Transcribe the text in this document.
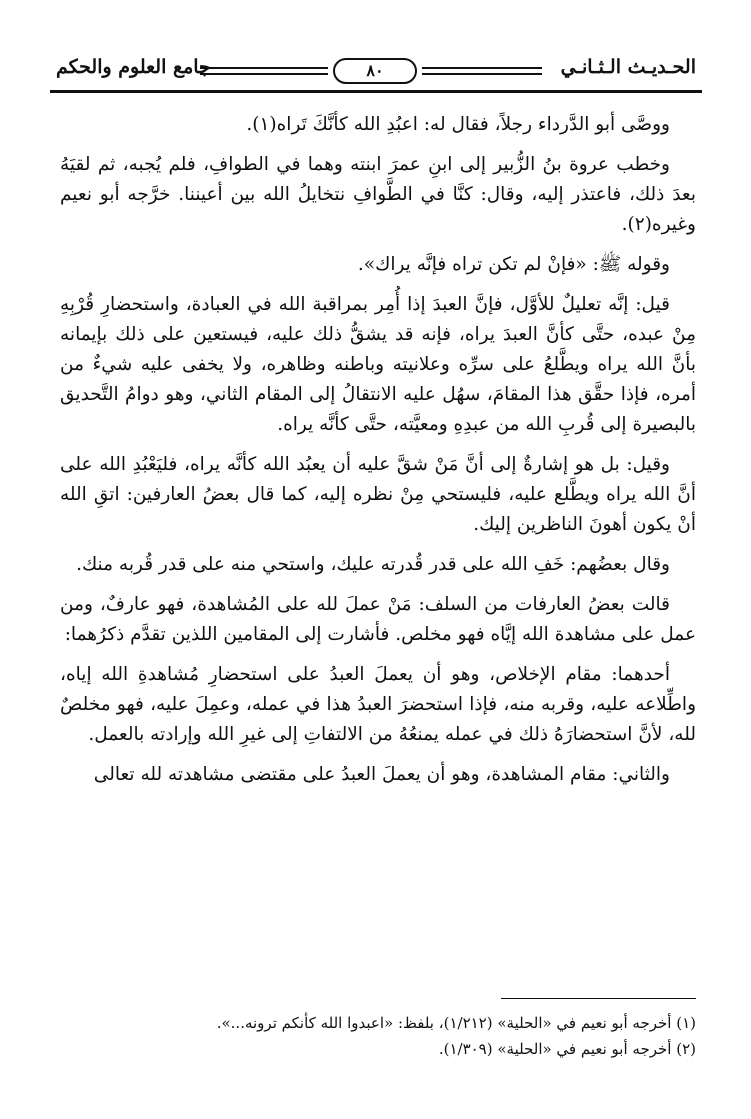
الحـديـث الـثـانـي
٨٠
جامع العلوم والحكم

ووصَّى أبو الدَّرداء رجلاً، فقال له: اعبُدِ الله كأنَّكَ تَراه(١).

وخطب عروة بنُ الزُّبير إلى ابنِ عمرَ ابنته وهما في الطوافِ، فلم يُجبه، ثم لقيَهُ بعدَ ذلك، فاعتذر إليه، وقال: كنَّا في الطَّوافِ نتخايلُ الله بين أعيننا. خرَّجه أبو نعيم وغيره(٢).

وقوله ﷺ: «فإنْ لم تكن تراه فإنَّه يراك».

قيل: إنَّه تعليلٌ للأوَّل، فإنَّ العبدَ إذا أُمِر بمراقبة الله في العبادة، واستحضارِ قُرْبِهِ مِنْ عبده، حتَّى كأنَّ العبدَ يراه، فإنه قد يشقُّ ذلك عليه، فيستعين على ذلك بإيمانه بأنَّ الله يراه ويطَّلعُ على سرِّه وعلانيته وباطنه وظاهره، ولا يخفى عليه شيءٌ من أمره، فإذا حقَّق هذا المقامَ، سهُل عليه الانتقالُ إلى المقام الثاني، وهو دوامُ التَّحديق بالبصيرة إلى قُربِ الله من عبدِهِ ومعيَّته، حتَّى كأنَّه يراه.

وقيل: بل هو إشارةٌ إلى أنَّ مَنْ شقَّ عليه أن يعبُد الله كأنَّه يراه، فليَعْبُدِ الله على أنَّ الله يراه ويطَّلع عليه، فليستحي مِنْ نظره إليه، كما قال بعضُ العارفين: اتقِ الله أنْ يكون أهونَ الناظرين إليك.

وقال بعضُهم: خَفِ الله على قدر قُدرته عليك، واستحي منه على قدر قُربه منك.

قالت بعضُ العارفات من السلف: مَنْ عملَ لله على المُشاهدة، فهو عارفٌ، ومن عمل على مشاهدة الله إيَّاه فهو مخلص. فأشارت إلى المقامين اللذين تقدَّم ذكرُهما:

أحدهما: مقام الإخلاص، وهو أن يعملَ العبدُ على استحضارِ مُشاهدةِ الله إياه، واطِّلاعه عليه، وقربه منه، فإذا استحضرَ العبدُ هذا في عمله، وعمِلَ عليه، فهو مخلصٌ لله، لأنَّ استحضارَهُ ذلك في عمله يمنعُهُ من الالتفاتِ إلى غيرِ الله وإرادته بالعمل.

والثاني: مقام المشاهدة، وهو أن يعملَ العبدُ على مقتضى مشاهدته لله تعالى

(١) أخرجه أبو نعيم في «الحلية» (١/٢١٢)، بلفظ: «اعبدوا الله كأنكم ترونه...».
(٢) أخرجه أبو نعيم في «الحلية» (١/٣٠٩).
